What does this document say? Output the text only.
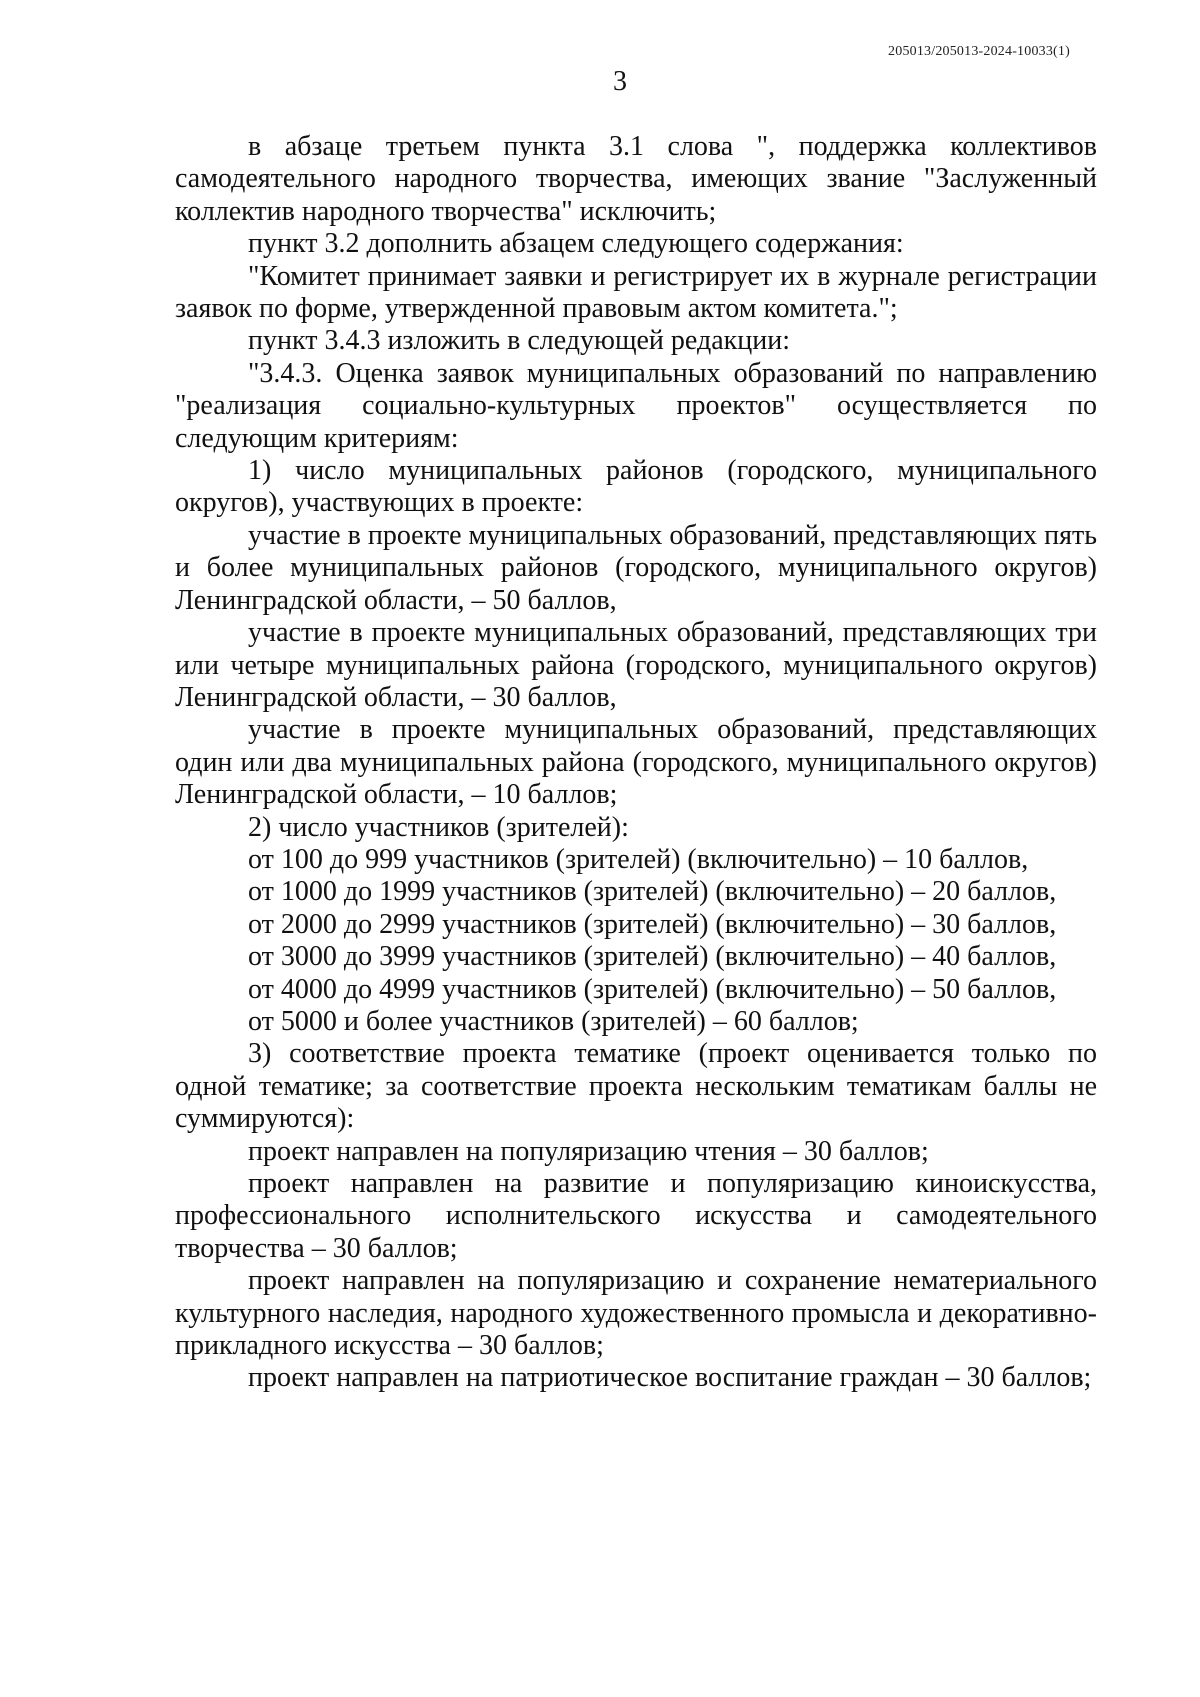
205013/205013-2024-10033(1)
3

в абзаце третьем пункта 3.1 слова ", поддержка коллективов самодеятельного народного творчества, имеющих звание "Заслуженный коллектив народного творчества" исключить;

пункт 3.2 дополнить абзацем следующего содержания:

"Комитет принимает заявки и регистрирует их в журнале регистрации заявок по форме, утвержденной правовым актом комитета.";

пункт 3.4.3 изложить в следующей редакции:

"3.4.3. Оценка заявок муниципальных образований по направлению "реализация социально-культурных проектов" осуществляется по следующим критериям:

1) число муниципальных районов (городского, муниципального округов), участвующих в проекте:

участие в проекте муниципальных образований, представляющих пять и более муниципальных районов (городского, муниципального округов) Ленинградской области, – 50 баллов,

участие в проекте муниципальных образований, представляющих три или четыре муниципальных района (городского, муниципального округов) Ленинградской области, – 30 баллов,

участие в проекте муниципальных образований, представляющих один или два муниципальных района (городского, муниципального округов) Ленинградской области, – 10 баллов;

2) число участников (зрителей):

от 100 до 999 участников (зрителей) (включительно) – 10 баллов,

от 1000 до 1999 участников (зрителей) (включительно) – 20 баллов,

от 2000 до 2999 участников (зрителей) (включительно) – 30 баллов,

от 3000 до 3999 участников (зрителей) (включительно) – 40 баллов,

от 4000 до 4999 участников (зрителей) (включительно) – 50 баллов,

от 5000 и более участников (зрителей) – 60 баллов;

3) соответствие проекта тематике (проект оценивается только по одной тематике; за соответствие проекта нескольким тематикам баллы не суммируются):

проект направлен на популяризацию чтения – 30 баллов;

проект направлен на развитие и популяризацию киноискусства, профессионального исполнительского искусства и самодеятельного творчества – 30 баллов;

проект направлен на популяризацию и сохранение нематериального культурного наследия, народного художественного промысла и декоративно-прикладного искусства – 30 баллов;

проект направлен на патриотическое воспитание граждан – 30 баллов;
